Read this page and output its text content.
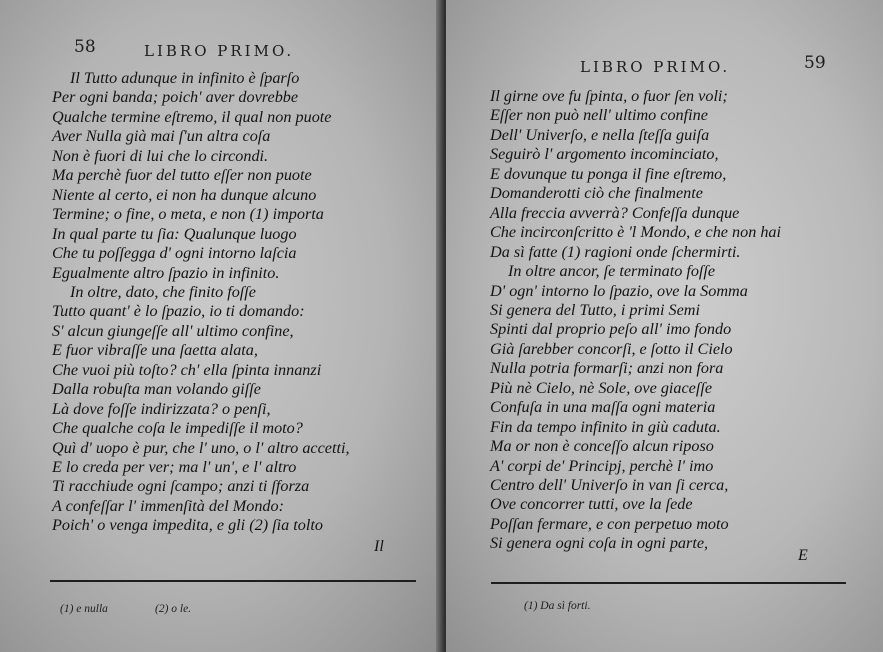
58	LIBRO PRIMO.
Il Tutto adunque in infinito è ſparſo
Per ogni banda; poich' aver dovrebbe
Qualche termine eſtremo, il qual non puote
Aver Nulla già mai ſ'un altra coſa
Non è fuori di lui che lo circondi.
Ma perchè fuor del tutto eſſer non puote
Niente al certo, ei non ha dunque alcuno
Termine; o fine, o meta, e non (1) importa
In qual parte tu ſia: Qualunque luogo
Che tu poſſegga d' ogni intorno laſcia
Egualmente altro ſpazio in infinito.
In oltre, dato, che finito foſſe
Tutto quant' è lo ſpazio, io ti domando:
S' alcun giungeſſe all' ultimo confine,
E fuor vibraſſe una ſaetta alata,
Che vuoi più toſto? ch' ella ſpinta innanzi
Dalla robuſta man volando giſſe
Là dove foſſe indirizzata? o penſi,
Che qualche coſa le impediſſe il moto?
Quì d' uopo è pur, che l' uno, o l' altro accetti,
E lo creda per ver; ma l' un', e l' altro
Ti racchiude ogni ſcampo; anzi ti ſforza
A confeſſar l' immenſità del Mondo:
Poich' o venga impedita, e gli (2) ſia tolto
Il
(1) e nulla	(2) o le.
LIBRO PRIMO.	59
Il girne ove fu ſpinta, o fuor ſen voli;
Eſſer non può nell' ultimo confine
Dell' Univerſo, e nella ſteſſa guiſa
Seguirò l' argomento incominciato,
E dovunque tu ponga il fine eſtremo,
Domanderotti ciò che finalmente
Alla freccia avverrà? Confeſſa dunque
Che incirconſcritto è 'l Mondo, e che non hai
Da sì fatte (1) ragioni onde ſchermirti.
In oltre ancor, ſe terminato foſſe
D' ogn' intorno lo ſpazio, ove la Somma
Si genera del Tutto, i primi Semi
Spinti dal proprio peſo all' imo fondo
Già ſarebber concorſi, e ſotto il Cielo
Nulla potria formarſi; anzi non fora
Più nè Cielo, nè Sole, ove giaceſſe
Confuſa in una maſſa ogni materia
Fin da tempo infinito in giù caduta.
Ma or non è conceſſo alcun riposo
A' corpi de' Principj, perchè l' imo
Centro dell' Univerſo in van ſi cerca,
Ove concorrer tutti, ove la ſede
Poſſan fermare, e con perpetuo moto
Si genera ogni coſa in ogni parte,
E
(1) Da sì forti.
